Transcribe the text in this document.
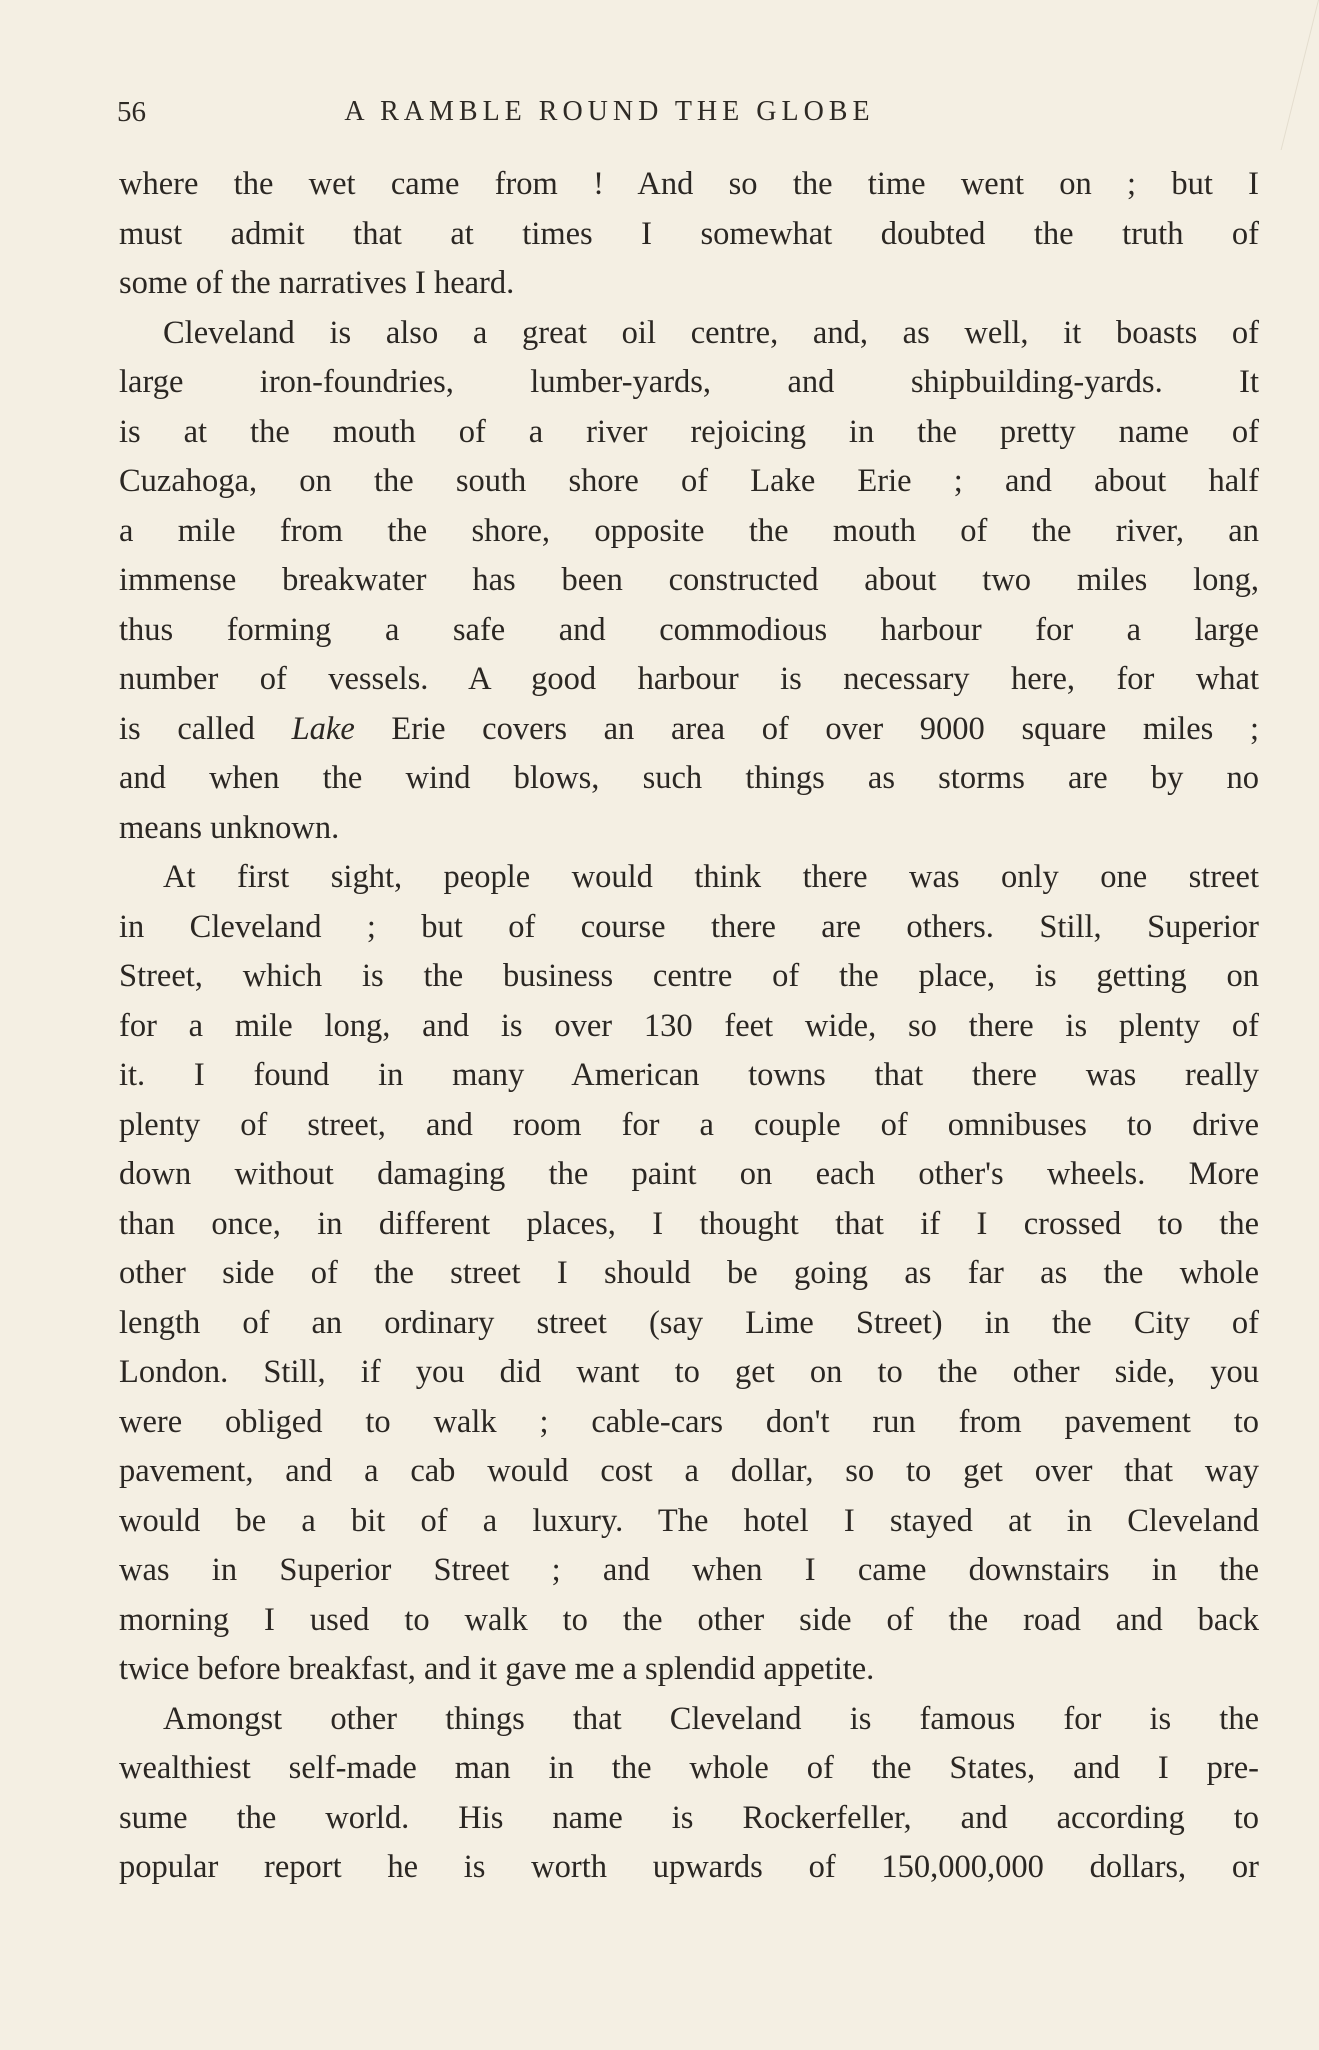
56	A RAMBLE ROUND THE GLOBE
where the wet came from ! And so the time went on ; but I
must admit that at times I somewhat doubted the truth of
some of the narratives I heard.
Cleveland is also a great oil centre, and, as well, it boasts of
large iron-foundries, lumber-yards, and shipbuilding-yards. It
is at the mouth of a river rejoicing in the pretty name of
Cuzahoga, on the south shore of Lake Erie ; and about half
a mile from the shore, opposite the mouth of the river, an
immense breakwater has been constructed about two miles long,
thus forming a safe and commodious harbour for a large
number of vessels. A good harbour is necessary here, for what
is called Lake Erie covers an area of over 9000 square miles ;
and when the wind blows, such things as storms are by no
means unknown.
At first sight, people would think there was only one street
in Cleveland ; but of course there are others. Still, Superior
Street, which is the business centre of the place, is getting on
for a mile long, and is over 130 feet wide, so there is plenty of
it. I found in many American towns that there was really
plenty of street, and room for a couple of omnibuses to drive
down without damaging the paint on each other's wheels. More
than once, in different places, I thought that if I crossed to the
other side of the street I should be going as far as the whole
length of an ordinary street (say Lime Street) in the City of
London. Still, if you did want to get on to the other side, you
were obliged to walk ; cable-cars don't run from pavement to
pavement, and a cab would cost a dollar, so to get over that way
would be a bit of a luxury. The hotel I stayed at in Cleveland
was in Superior Street ; and when I came downstairs in the
morning I used to walk to the other side of the road and back
twice before breakfast, and it gave me a splendid appetite.
Amongst other things that Cleveland is famous for is the
wealthiest self-made man in the whole of the States, and I pre-
sume the world. His name is Rockerfeller, and according to
popular report he is worth upwards of 150,000,000 dollars, or
